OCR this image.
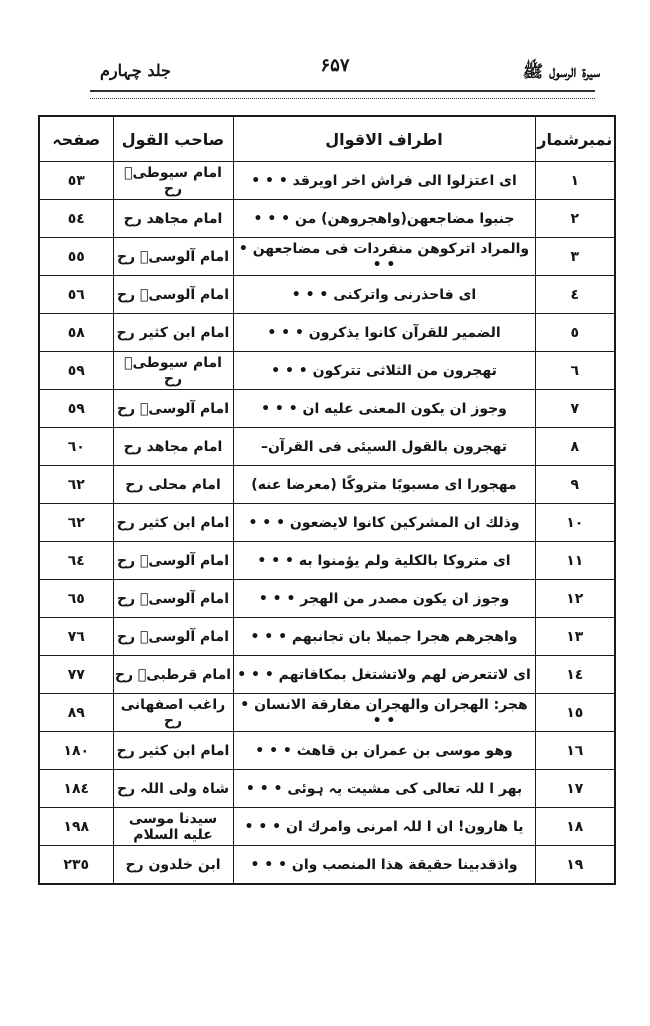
جلد چہارم	۶۵۷	سیرۃ الرسول ﷺ
صفحہ	صاحب القول	اطراف الاقوال	نمبرشمار
٥٣	امام سیوطیؒ رح	ای اعتزلوا الی فراش اخر اویرقد • • •	١
٥٤	امام مجاهد رح	جنبوا مضاجعهن(واهجروهن) من • • •	٢
٥٥	امام آلوسیؒ رح	والمراد اترکوهن منفردات فی مضاجعهن • • •	٣
٥٦	امام آلوسیؒ رح	ای فاحذرنی واترکنی • • •	٤
٥٨	امام ابن کثیر رح	الضمیر للقرآن کانوا یذکرون • • •	٥
٥٩	امام سیوطیؒ رح	تهجرون من الثلاثی تترکون • • •	٦
٥٩	امام آلوسیؒ رح	وجوز ان یکون المعنی علیه ان • • •	٧
٦٠	امام مجاهد رح	تهجرون بالقول السیئی فی القرآن–	٨
٦٢	امام محلی رح	مهجورا ای مسبوبًا متروکًا (معرضا عنه)	٩
٦٢	امام ابن کثیر رح	وذلك ان المشرکین کانوا لایضعون • • •	١٠
٦٤	امام آلوسیؒ رح	ای متروکا بالکلیة ولم یؤمنوا به • • •	١١
٦٥	امام آلوسیؒ رح	وجوز ان یکون مصدر من الهجر • • •	١٢
٧٦	امام آلوسیؒ رح	واهجرهم هجرا جمیلا بان تجانبهم • • •	١٣
٧٧	امام قرطبیؒ رح	ای لاتتعرض لهم ولاتشتغل بمکافاتهم • • •	١٤
٨٩	راغب اصفهانی رح	هجر: الهجران والهجران مفارقة الانسان • • •	١٥
١٨٠	امام ابن کثیر رح	وهو موسی بن عمران بن قاهث • • •	١٦
١٨٤	شاہ ولی اللہ رح	بهر ا للہ تعالی کی مشیت یہ ہوئی • • •	١٧
١٩٨	سیدنا موسی علیه السلام	یا هارون! ان ا للہ امرنی وامرك ان • • •	١٨
٢٣٥	ابن خلدون رح	واذقدبینا حقیقة هذا المنصب وان • • •	١٩
